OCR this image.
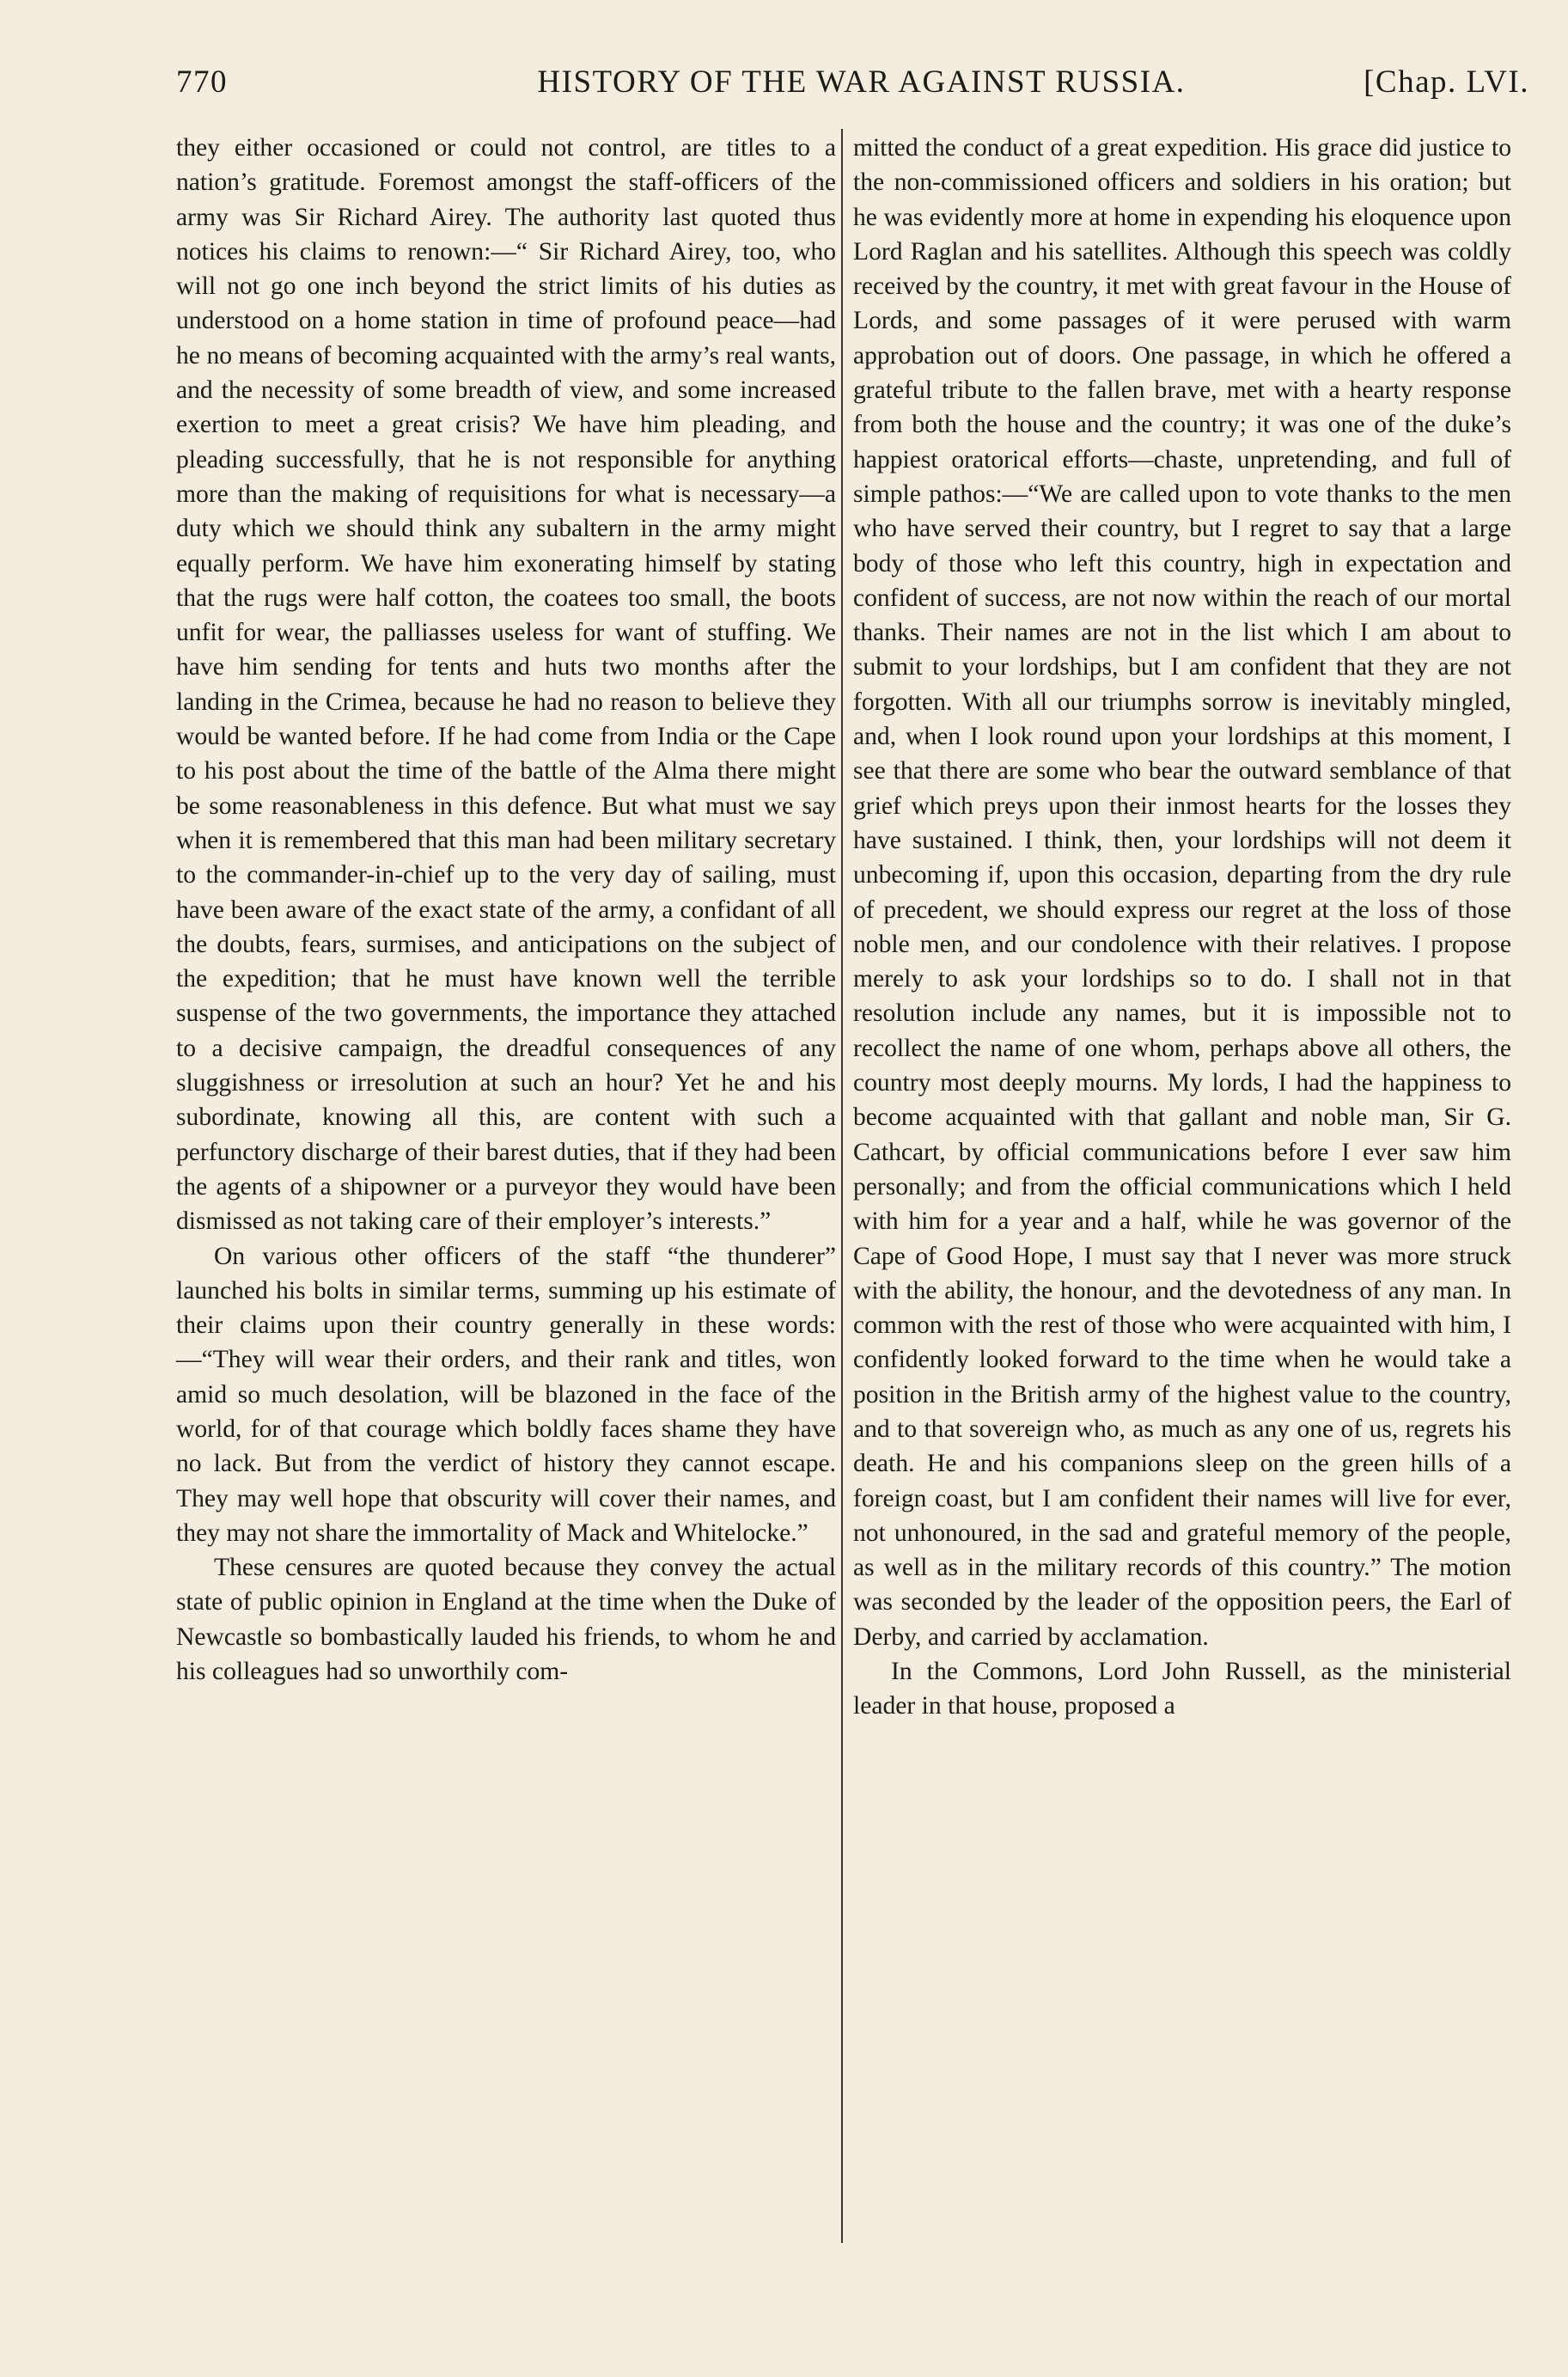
770	HISTORY OF THE WAR AGAINST RUSSIA.	[Chap. LVI.

they either occasioned or could not control, are titles to a nation’s gratitude. Foremost amongst the staff-officers of the army was Sir Richard Airey. The authority last quoted thus notices his claims to renown:—“ Sir Richard Airey, too, who will not go one inch beyond the strict limits of his duties as understood on a home station in time of profound peace—had he no means of becoming acquainted with the army’s real wants, and the necessity of some breadth of view, and some increased exertion to meet a great crisis? We have him pleading, and pleading successfully, that he is not responsible for anything more than the making of requisitions for what is necessary—a duty which we should think any subaltern in the army might equally perform. We have him exonerating himself by stating that the rugs were half cotton, the coatees too small, the boots unfit for wear, the palliasses useless for want of stuffing. We have him sending for tents and huts two months after the landing in the Crimea, because he had no reason to believe they would be wanted before. If he had come from India or the Cape to his post about the time of the battle of the Alma there might be some reasonableness in this defence. But what must we say when it is remembered that this man had been military secretary to the commander-in-chief up to the very day of sailing, must have been aware of the exact state of the army, a confidant of all the doubts, fears, surmises, and anticipations on the subject of the expedition; that he must have known well the terrible suspense of the two governments, the importance they attached to a decisive campaign, the dreadful consequences of any sluggishness or irresolution at such an hour? Yet he and his subordinate, knowing all this, are content with such a perfunctory discharge of their barest duties, that if they had been the agents of a shipowner or a purveyor they would have been dismissed as not taking care of their employer’s interests.”

On various other officers of the staff “the thunderer” launched his bolts in similar terms, summing up his estimate of their claims upon their country generally in these words:—“They will wear their orders, and their rank and titles, won amid so much desolation, will be blazoned in the face of the world, for of that courage which boldly faces shame they have no lack. But from the verdict of history they cannot escape. They may well hope that obscurity will cover their names, and they may not share the immortality of Mack and Whitelocke.”

These censures are quoted because they convey the actual state of public opinion in England at the time when the Duke of Newcastle so bombastically lauded his friends, to whom he and his colleagues had so unworthily com-

mitted the conduct of a great expedition. His grace did justice to the non-commissioned officers and soldiers in his oration; but he was evidently more at home in expending his eloquence upon Lord Raglan and his satellites. Although this speech was coldly received by the country, it met with great favour in the House of Lords, and some passages of it were perused with warm approbation out of doors. One passage, in which he offered a grateful tribute to the fallen brave, met with a hearty response from both the house and the country; it was one of the duke’s happiest oratorical efforts—chaste, unpretending, and full of simple pathos:—“We are called upon to vote thanks to the men who have served their country, but I regret to say that a large body of those who left this country, high in expectation and confident of success, are not now within the reach of our mortal thanks. Their names are not in the list which I am about to submit to your lordships, but I am confident that they are not forgotten. With all our triumphs sorrow is inevitably mingled, and, when I look round upon your lordships at this moment, I see that there are some who bear the outward semblance of that grief which preys upon their inmost hearts for the losses they have sustained. I think, then, your lordships will not deem it unbecoming if, upon this occasion, departing from the dry rule of precedent, we should express our regret at the loss of those noble men, and our condolence with their relatives. I propose merely to ask your lordships so to do. I shall not in that resolution include any names, but it is impossible not to recollect the name of one whom, perhaps above all others, the country most deeply mourns. My lords, I had the happiness to become acquainted with that gallant and noble man, Sir G. Cathcart, by official communications before I ever saw him personally; and from the official communications which I held with him for a year and a half, while he was governor of the Cape of Good Hope, I must say that I never was more struck with the ability, the honour, and the devotedness of any man. In common with the rest of those who were acquainted with him, I confidently looked forward to the time when he would take a position in the British army of the highest value to the country, and to that sovereign who, as much as any one of us, regrets his death. He and his companions sleep on the green hills of a foreign coast, but I am confident their names will live for ever, not unhonoured, in the sad and grateful memory of the people, as well as in the military records of this country.” The motion was seconded by the leader of the opposition peers, the Earl of Derby, and carried by acclamation.

In the Commons, Lord John Russell, as the ministerial leader in that house, proposed a
